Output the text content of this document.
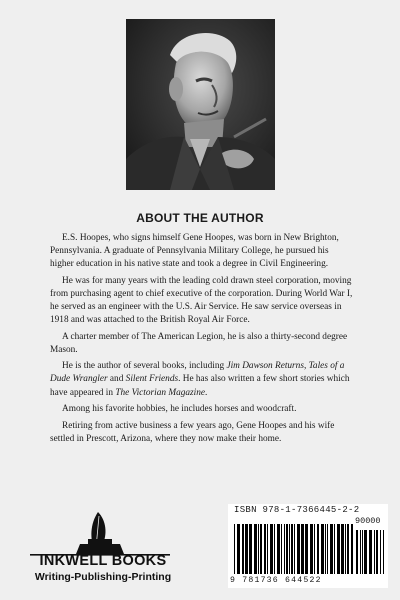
ABOUT THE AUTHOR

E.S. Hoopes, who signs himself Gene Hoopes, was born in New Brighton, Pennsylvania. A graduate of Pennsylvania Military College, he pursued his higher education in his native state and took a degree in Civil Engineering.

He was for many years with the leading cold drawn steel corporation, moving from purchasing agent to chief executive of the corporation. During World War I, he served as an engineer with the U.S. Air Service. He saw service overseas in 1918 and was attached to the British Royal Air Force.

A charter member of The American Legion, he is also a thirty-second degree Mason.

He is the author of several books, including Jim Dawson Returns, Tales of a Dude Wrangler and Silent Friends. He has also written a few short stories which have appeared in The Victorian Magazine.

Among his favorite hobbies, he includes horses and woodcraft.

Retiring from active business a few years ago, Gene Hoopes and his wife settled in Prescott, Arizona, where they now make their home.

INKWELL BOOKS
Writing-Publishing-Printing
ISBN 978-1-7366445-2-2
90000
9 781736 644522
